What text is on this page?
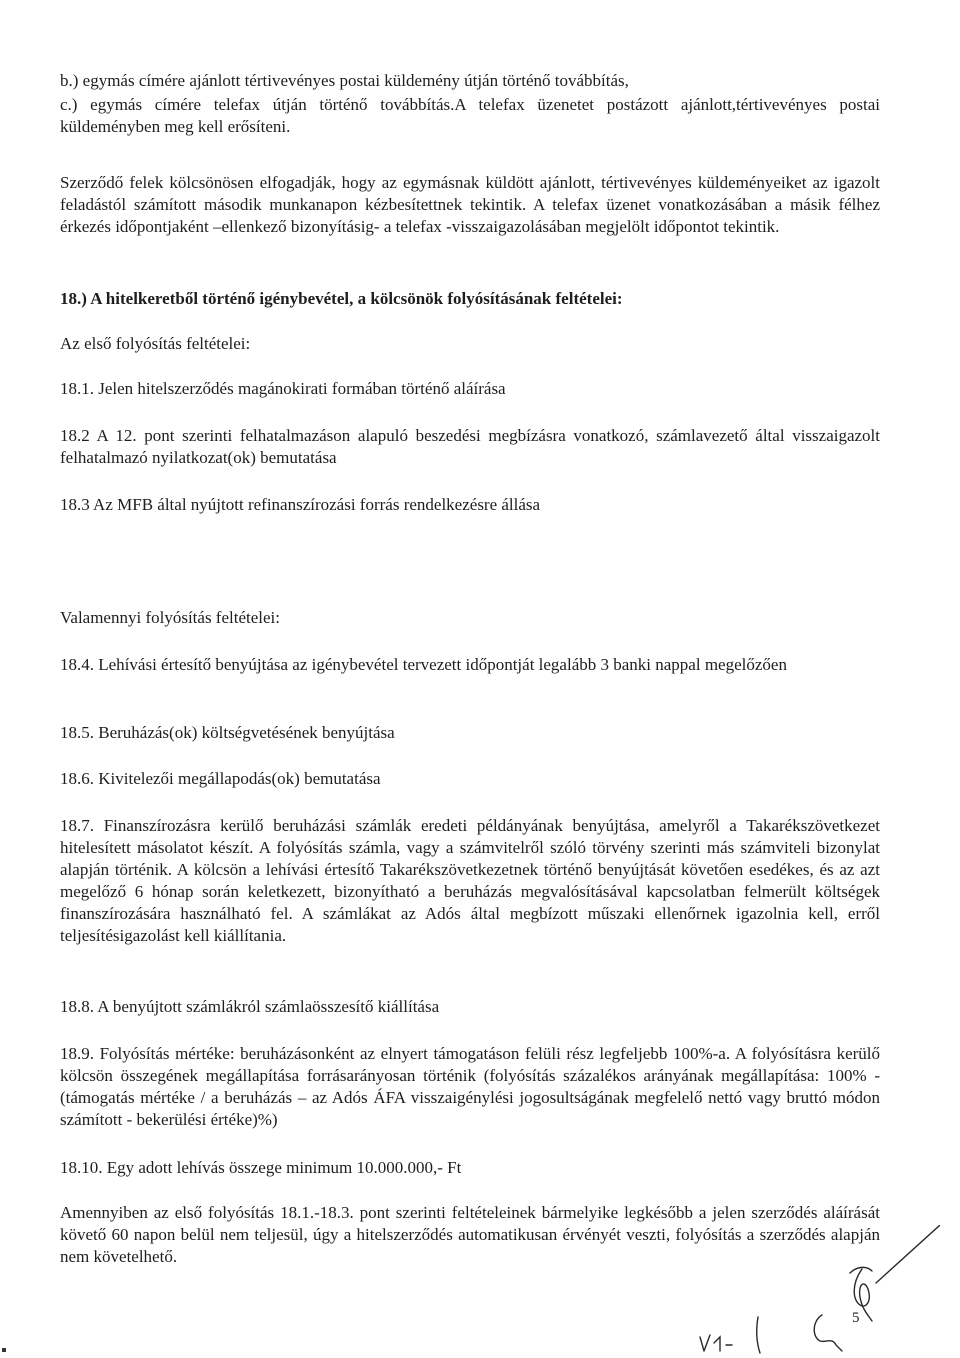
b.) egymás címére ajánlott tértivevényes postai küldemény útján történő továbbítás,
c.) egymás címére telefax útján történő továbbítás.A telefax üzenetet postázott ajánlott,tértivevényes postai küldeményben meg kell erősíteni.
Szerződő felek kölcsönösen elfogadják, hogy az egymásnak küldött ajánlott, tértivevényes küldeményeiket az igazolt feladástól számított második munkanapon kézbesítettnek tekintik. A telefax üzenet vonatkozásában a másik félhez érkezés időpontjaként –ellenkező bizonyításig- a telefax -visszaigazolásában megjelölt időpontot tekintik.
18.) A hitelkeretből történő igénybevétel, a kölcsönök folyósításának feltételei:
Az első folyósítás feltételei:
18.1. Jelen hitelszerződés magánokirati formában történő aláírása
18.2 A 12. pont szerinti felhatalmazáson alapuló beszedési megbízásra vonatkozó, számlavezető által visszaigazolt felhatalmazó nyilatkozat(ok) bemutatása
18.3 Az MFB által nyújtott refinanszírozási forrás rendelkezésre állása
Valamennyi folyósítás feltételei:
18.4. Lehívási értesítő benyújtása az igénybevétel tervezett időpontját legalább 3 banki nappal megelőzően
18.5. Beruházás(ok) költségvetésének benyújtása
18.6. Kivitelezői megállapodás(ok) bemutatása
18.7. Finanszírozásra kerülő beruházási számlák eredeti példányának benyújtása, amelyről a Takarékszövetkezet hitelesített másolatot készít. A folyósítás számla, vagy a számvitelről szóló törvény szerinti más számviteli bizonylat alapján történik. A kölcsön a lehívási értesítő Takarékszövetkezetnek történő benyújtását követően esedékes, és az azt megelőző 6 hónap során keletkezett, bizonyítható a beruházás megvalósításával kapcsolatban felmerült költségek finanszírozására használható fel. A számlákat az Adós által megbízott műszaki ellenőrnek igazolnia kell, erről teljesítésigazolást kell kiállítania.
18.8. A benyújtott számlákról számlaösszesítő kiállítása
18.9. Folyósítás mértéke: beruházásonként az elnyert támogatáson felüli rész legfeljebb 100%-a. A folyósításra kerülő kölcsön összegének megállapítása forrásarányosan történik (folyósítás százalékos arányának megállapítása: 100% - (támogatás mértéke / a beruházás – az Adós ÁFA visszaigénylési jogosultságának megfelelő nettó vagy bruttó módon számított - bekerülési értéke)%)
18.10. Egy adott lehívás összege minimum 10.000.000,- Ft
Amennyiben az első folyósítás 18.1.-18.3. pont szerinti feltételeinek bármelyike legkésőbb a jelen szerződés aláírását követő 60 napon belül nem teljesül, úgy a hitelszerződés automatikusan érvényét veszti, folyósítás a szerződés alapján nem követelhető.
5
